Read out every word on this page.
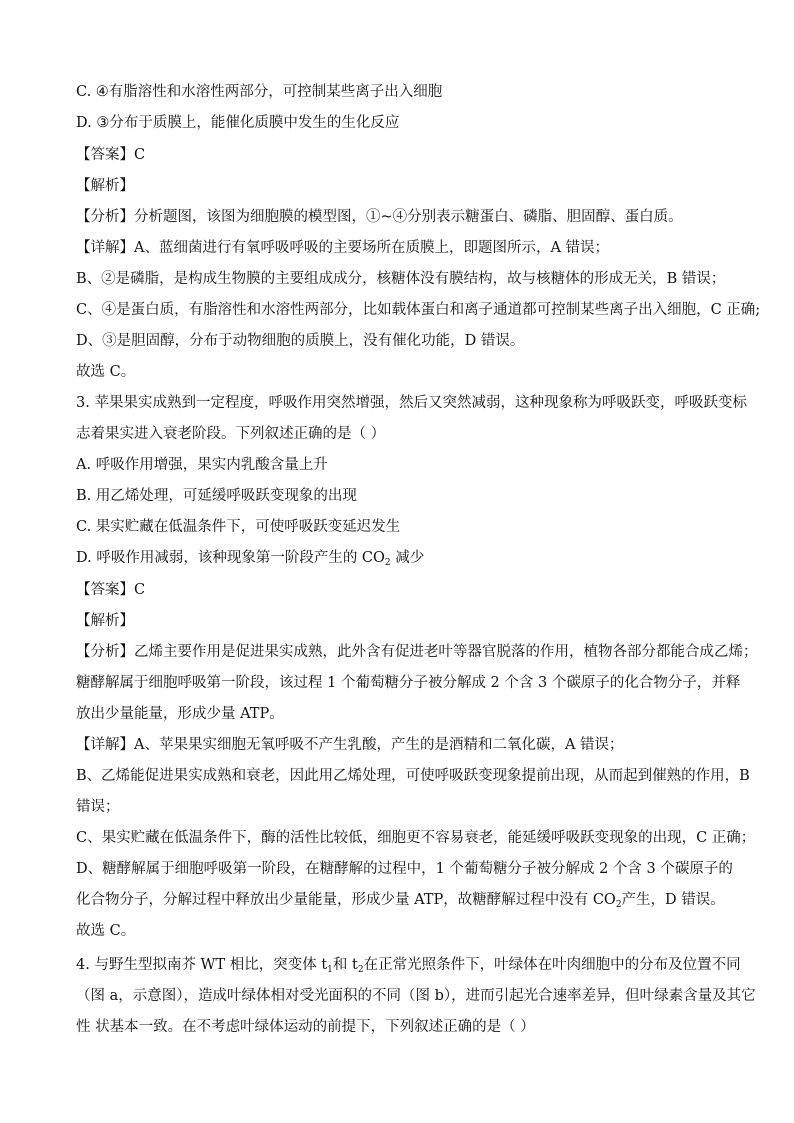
C. ④有脂溶性和水溶性两部分，可控制某些离子出入细胞
D. ③分布于质膜上，能催化质膜中发生的生化反应
【答案】C
【解析】
【分析】分析题图，该图为细胞膜的模型图，①~④分别表示糖蛋白、磷脂、胆固醇、蛋白质。
【详解】A、蓝细菌进行有氧呼吸呼吸的主要场所在质膜上，即题图所示，A 错误；
B、②是磷脂，是构成生物膜的主要组成成分，核糖体没有膜结构，故与核糖体的形成无关，B 错误；
C、④是蛋白质，有脂溶性和水溶性两部分，比如载体蛋白和离子通道都可控制某些离子出入细胞，C 正确;
D、③是胆固醇，分布于动物细胞的质膜上，没有催化功能，D 错误。
故选 C。
3. 苹果果实成熟到一定程度，呼吸作用突然增强，然后又突然减弱，这种现象称为呼吸跃变，呼吸跃变标
志着果实进入衰老阶段。下列叙述正确的是（ ）
A. 呼吸作用增强，果实内乳酸含量上升
B. 用乙烯处理，可延缓呼吸跃变现象的出现
C. 果实贮藏在低温条件下，可使呼吸跃变延迟发生
D. 呼吸作用减弱，该种现象第一阶段产生的 $CO_2$ 减少
【答案】C
【解析】
【分析】乙烯主要作用是促进果实成熟，此外含有促进老叶等器官脱落的作用，植物各部分都能合成乙烯；
糖酵解属于细胞呼吸第一阶段，该过程 1 个葡萄糖分子被分解成 2 个含 3 个碳原子的化合物分子，并释
放出少量能量，形成少量 ATP。
【详解】A、苹果果实细胞无氧呼吸不产生乳酸，产生的是酒精和二氧化碳，A 错误；
B、乙烯能促进果实成熟和衰老，因此用乙烯处理，可使呼吸跃变现象提前出现，从而起到催熟的作用，B
错误；
C、果实贮藏在低温条件下，酶的活性比较低，细胞更不容易衰老，能延缓呼吸跃变现象的出现，C 正确；
D、糖酵解属于细胞呼吸第一阶段，在糖酵解的过程中，1 个葡萄糖分子被分解成 2 个含 3 个碳原子的
化合物分子，分解过程中释放出少量能量，形成少量 ATP，故糖酵解过程中没有 $CO_2$产生，D 错误。
故选 C。
4. 与野生型拟南芥 WT 相比，突变体 $t_1$和 $t_2$在正常光照条件下，叶绿体在叶肉细胞中的分布及位置不同
（图 a，示意图），造成叶绿体相对受光面积的不同（图 b），进而引起光合速率差异，但叶绿素含量及其它
性 状基本一致。在不考虑叶绿体运动的前提下，下列叙述正确的是（ ）
